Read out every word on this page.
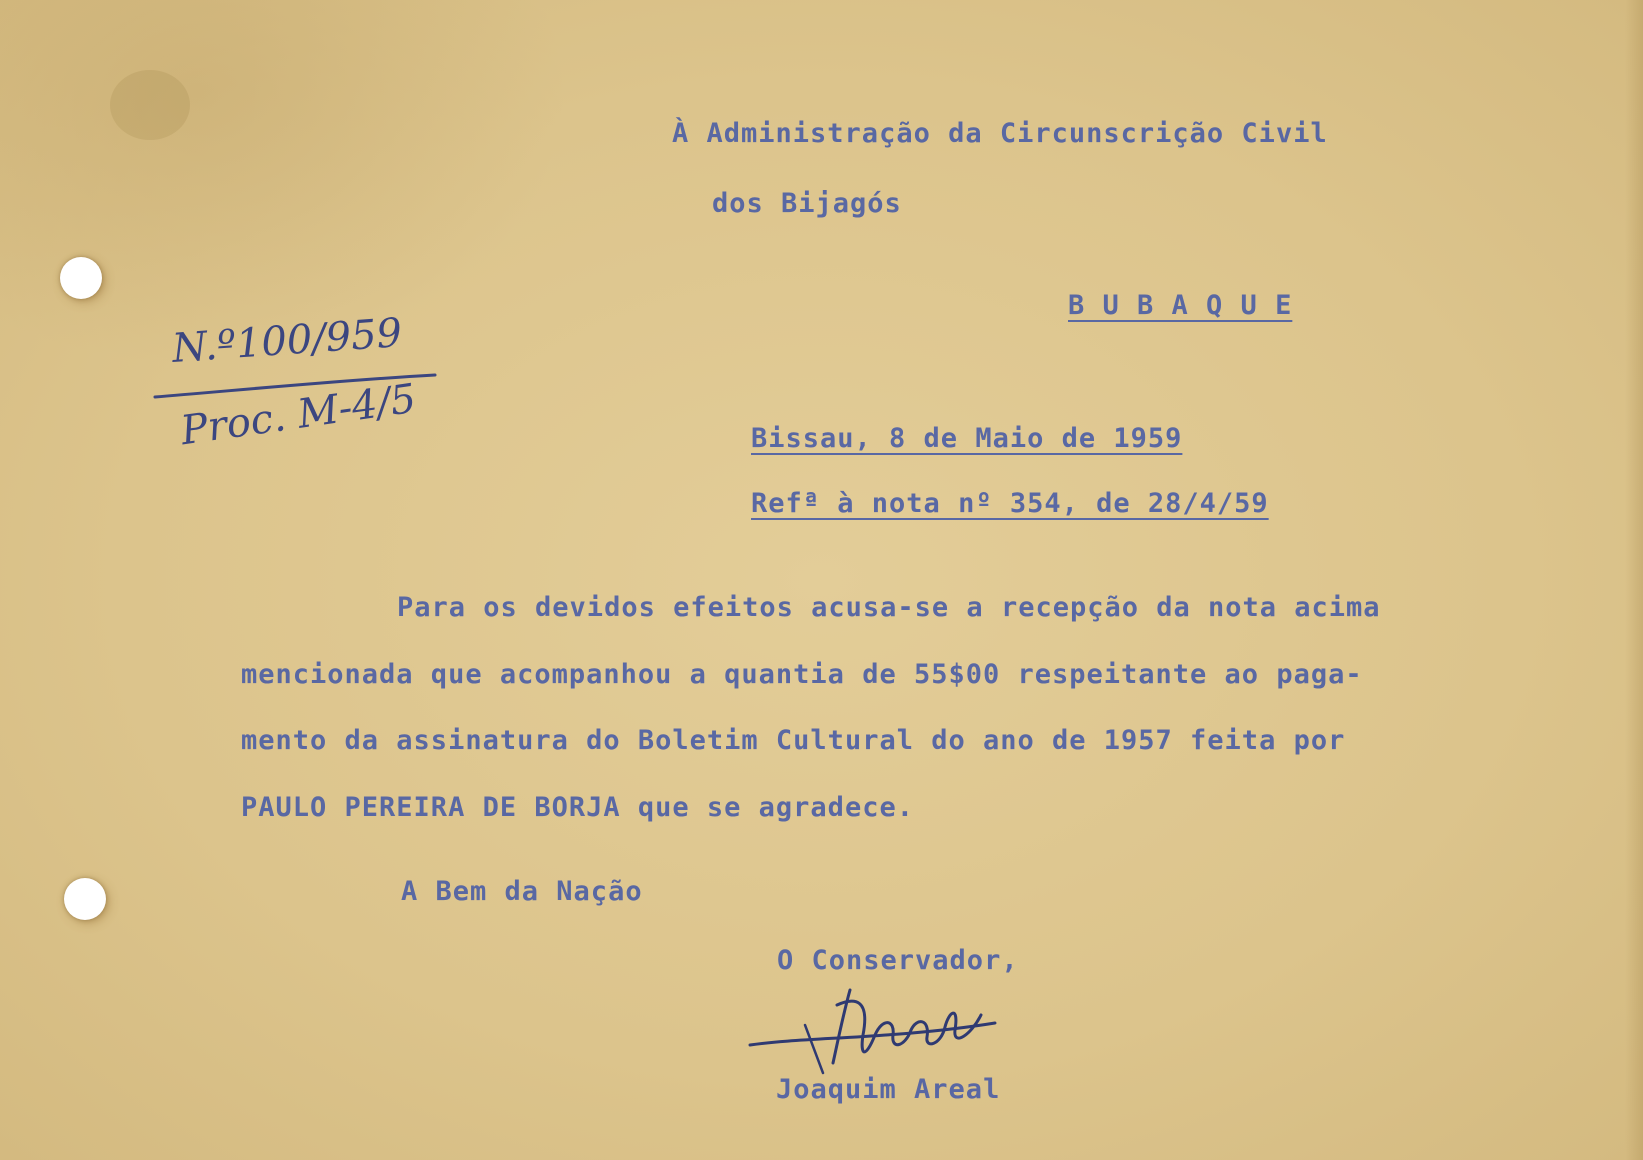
À Administração da Circunscrição Civil
dos Bijagós
B U B A Q U E
N.º100/959
Proc. M-4/5	Bissau, 8 de Maio de 1959
Refª à nota nº 354, de 28/4/59
Para os devidos efeitos acusa-se a recepção da nota acima
mencionada que acompanhou a quantia de 55$00 respeitante ao paga-
mento da assinatura do Boletim Cultural do ano de 1957 feita por
PAULO PEREIRA DE BORJA que se agradece.
A Bem da Nação
O Conservador,
Joaquim Areal
